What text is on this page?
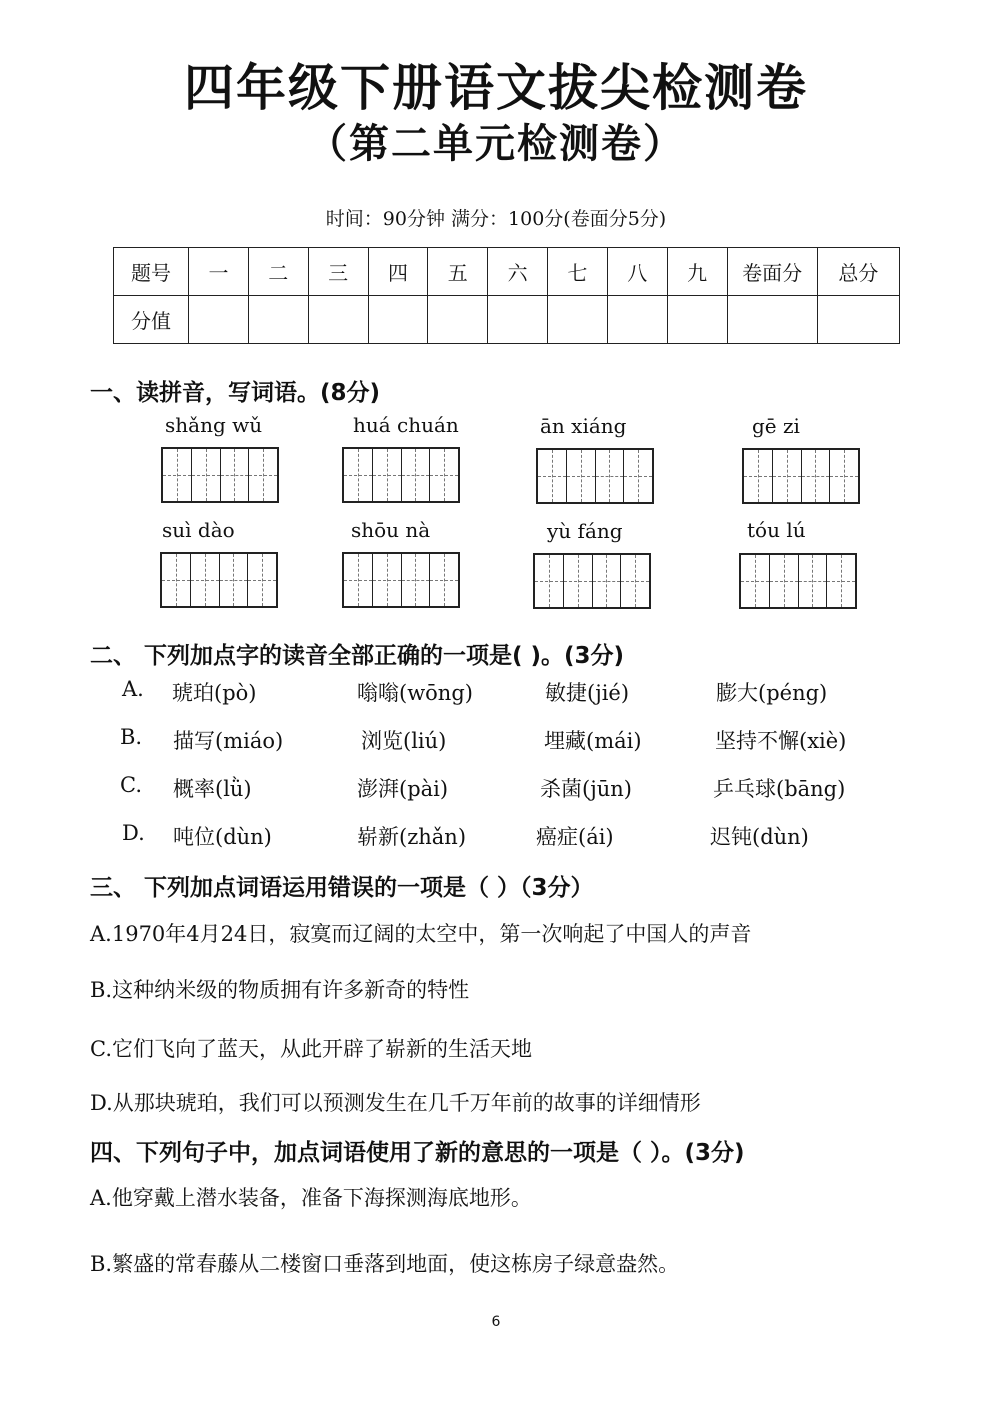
四年级下册语文拔尖检测卷
（第二单元检测卷）
时间：90分钟 满分：100分(卷面分5分)
题号	一	二	三	四	五	六	七	八	九	卷面分	总分
分值											
一、读拼音，写词语。(8分)
shǎng wǔ	huá chuán	ān xiáng	gē zi
suì dào	shōu nà	yù fáng	tóu lú
二、 下列加点字的读音全部正确的一项是( )。(3分)
A. 琥珀(pò)	嗡嗡(wōng)	敏捷(jié)	膨大(péng)
B. 描写(miáo)	浏览(liú)	埋藏(mái)	坚持不懈(xiè)
C. 概率(lǜ)	澎湃(pài)	杀菌(jūn)	乒乓球(bāng)
D. 吨位(dùn)	崭新(zhǎn)	癌症(ái)	迟钝(dùn)
三、 下列加点词语运用错误的一项是（ ）（3分）
A.1970年4月24日，寂寞而辽阔的太空中，第一次响起了中国人的声音
B.这种纳米级的物质拥有许多新奇的特性
C.它们飞向了蓝天，从此开辟了崭新的生活天地
D.从那块琥珀，我们可以预测发生在几千万年前的故事的详细情形
四、下列句子中，加点词语使用了新的意思的一项是（ ）。(3分)
A.他穿戴上潜水装备，准备下海探测海底地形。
B.繁盛的常春藤从二楼窗口垂落到地面，使这栋房子绿意盎然。
6
